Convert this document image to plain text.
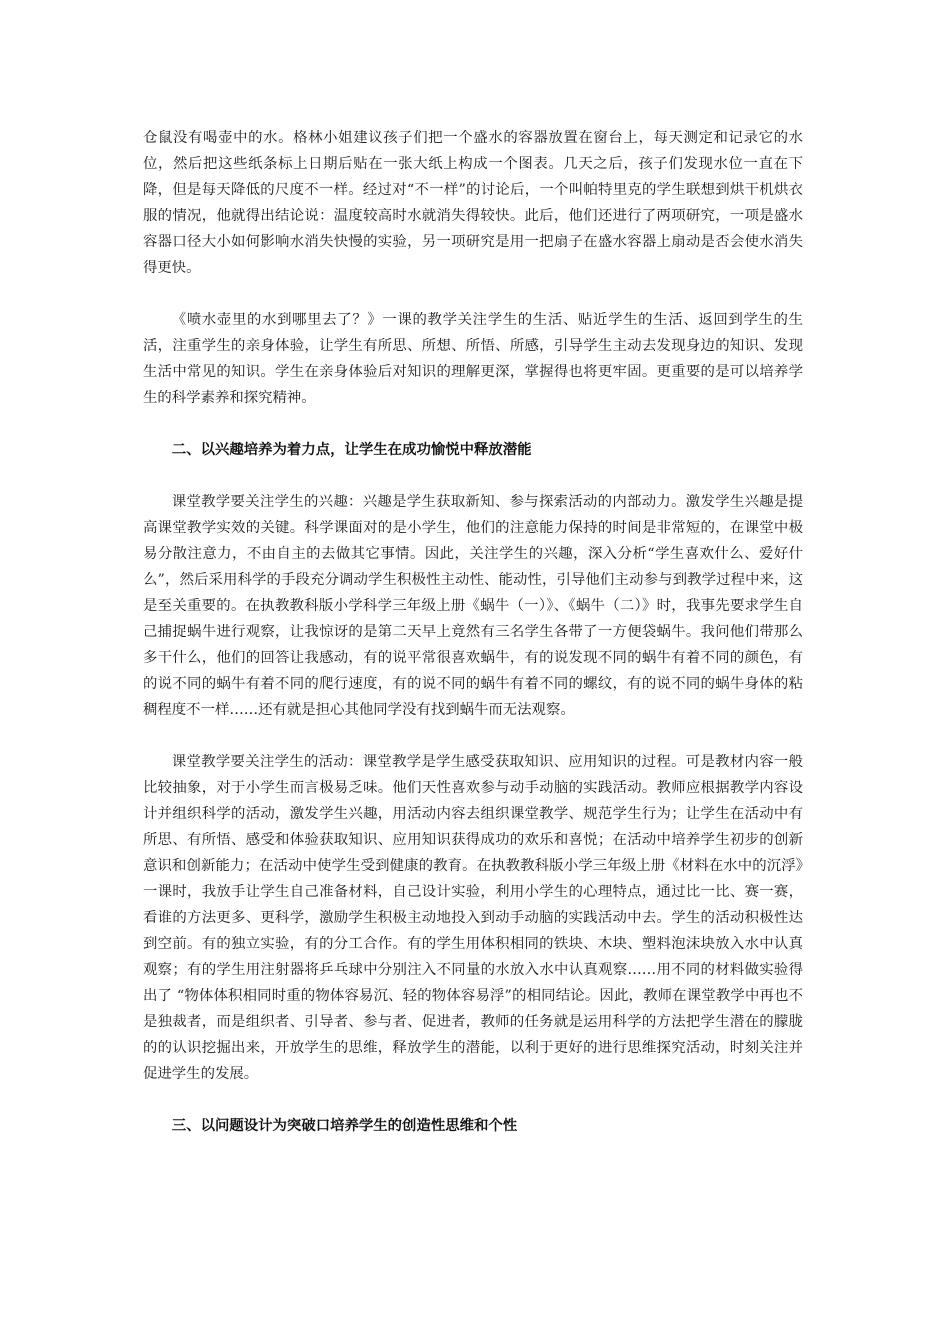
仓鼠没有喝壶中的水。格林小姐建议孩子们把一个盛水的容器放置在窗台上，每天测定和记录它的水位，然后把这些纸条标上日期后贴在一张大纸上构成一个图表。几天之后，孩子们发现水位一直在下降，但是每天降低的尺度不一样。经过对“不一样”的讨论后，一个叫帕特里克的学生联想到烘干机烘衣服的情况，他就得出结论说：温度较高时水就消失得较快。此后，他们还进行了两项研究，一项是盛水容器口径大小如何影响水消失快慢的实验，另一项研究是用一把扇子在盛水容器上扇动是否会使水消失得更快。

《喷水壶里的水到哪里去了？》一课的教学关注学生的生活、贴近学生的生活、返回到学生的生活，注重学生的亲身体验，让学生有所思、所想、所悟、所感，引导学生主动去发现身边的知识、发现生活中常见的知识。学生在亲身体验后对知识的理解更深，掌握得也将更牢固。更重要的是可以培养学生的科学素养和探究精神。

二、以兴趣培养为着力点，让学生在成功愉悦中释放潜能

课堂教学要关注学生的兴趣：兴趣是学生获取新知、参与探索活动的内部动力。激发学生兴趣是提高课堂教学实效的关键。科学课面对的是小学生，他们的注意能力保持的时间是非常短的，在课堂中极易分散注意力，不由自主的去做其它事情。因此，关注学生的兴趣，深入分析“学生喜欢什么、爱好什么”，然后采用科学的手段充分调动学生积极性主动性、能动性，引导他们主动参与到教学过程中来，这是至关重要的。在执教教科版小学科学三年级上册《蜗牛（一）》、《蜗牛（二）》时，我事先要求学生自己捕捉蜗牛进行观察，让我惊讶的是第二天早上竟然有三名学生各带了一方便袋蜗牛。我问他们带那么多干什么，他们的回答让我感动，有的说平常很喜欢蜗牛，有的说发现不同的蜗牛有着不同的颜色，有的说不同的蜗牛有着不同的爬行速度，有的说不同的蜗牛有着不同的螺纹，有的说不同的蜗牛身体的粘稠程度不一样……还有就是担心其他同学没有找到蜗牛而无法观察。

课堂教学要关注学生的活动：课堂教学是学生感受获取知识、应用知识的过程。可是教材内容一般比较抽象，对于小学生而言极易乏味。他们天性喜欢参与动手动脑的实践活动。教师应根据教学内容设计并组织科学的活动，激发学生兴趣，用活动内容去组织课堂教学、规范学生行为；让学生在活动中有所思、有所悟、感受和体验获取知识、应用知识获得成功的欢乐和喜悦；在活动中培养学生初步的创新意识和创新能力；在活动中使学生受到健康的教育。在执教教科版小学三年级上册《材料在水中的沉浮》一课时，我放手让学生自己准备材料，自己设计实验，利用小学生的心理特点，通过比一比、赛一赛，看谁的方法更多、更科学，激励学生积极主动地投入到动手动脑的实践活动中去。学生的活动积极性达到空前。有的独立实验，有的分工合作。有的学生用体积相同的铁块、木块、塑料泡沫块放入水中认真观察；有的学生用注射器将乒乓球中分别注入不同量的水放入水中认真观察……用不同的材料做实验得出了 “物体体积相同时重的物体容易沉、轻的物体容易浮”的相同结论。因此，教师在课堂教学中再也不是独裁者，而是组织者、引导者、参与者、促进者，教师的任务就是运用科学的方法把学生潜在的朦胧的的认识挖掘出来，开放学生的思维，释放学生的潜能，以利于更好的进行思维探究活动，时刻关注并促进学生的发展。

三、以问题设计为突破口培养学生的创造性思维和个性
